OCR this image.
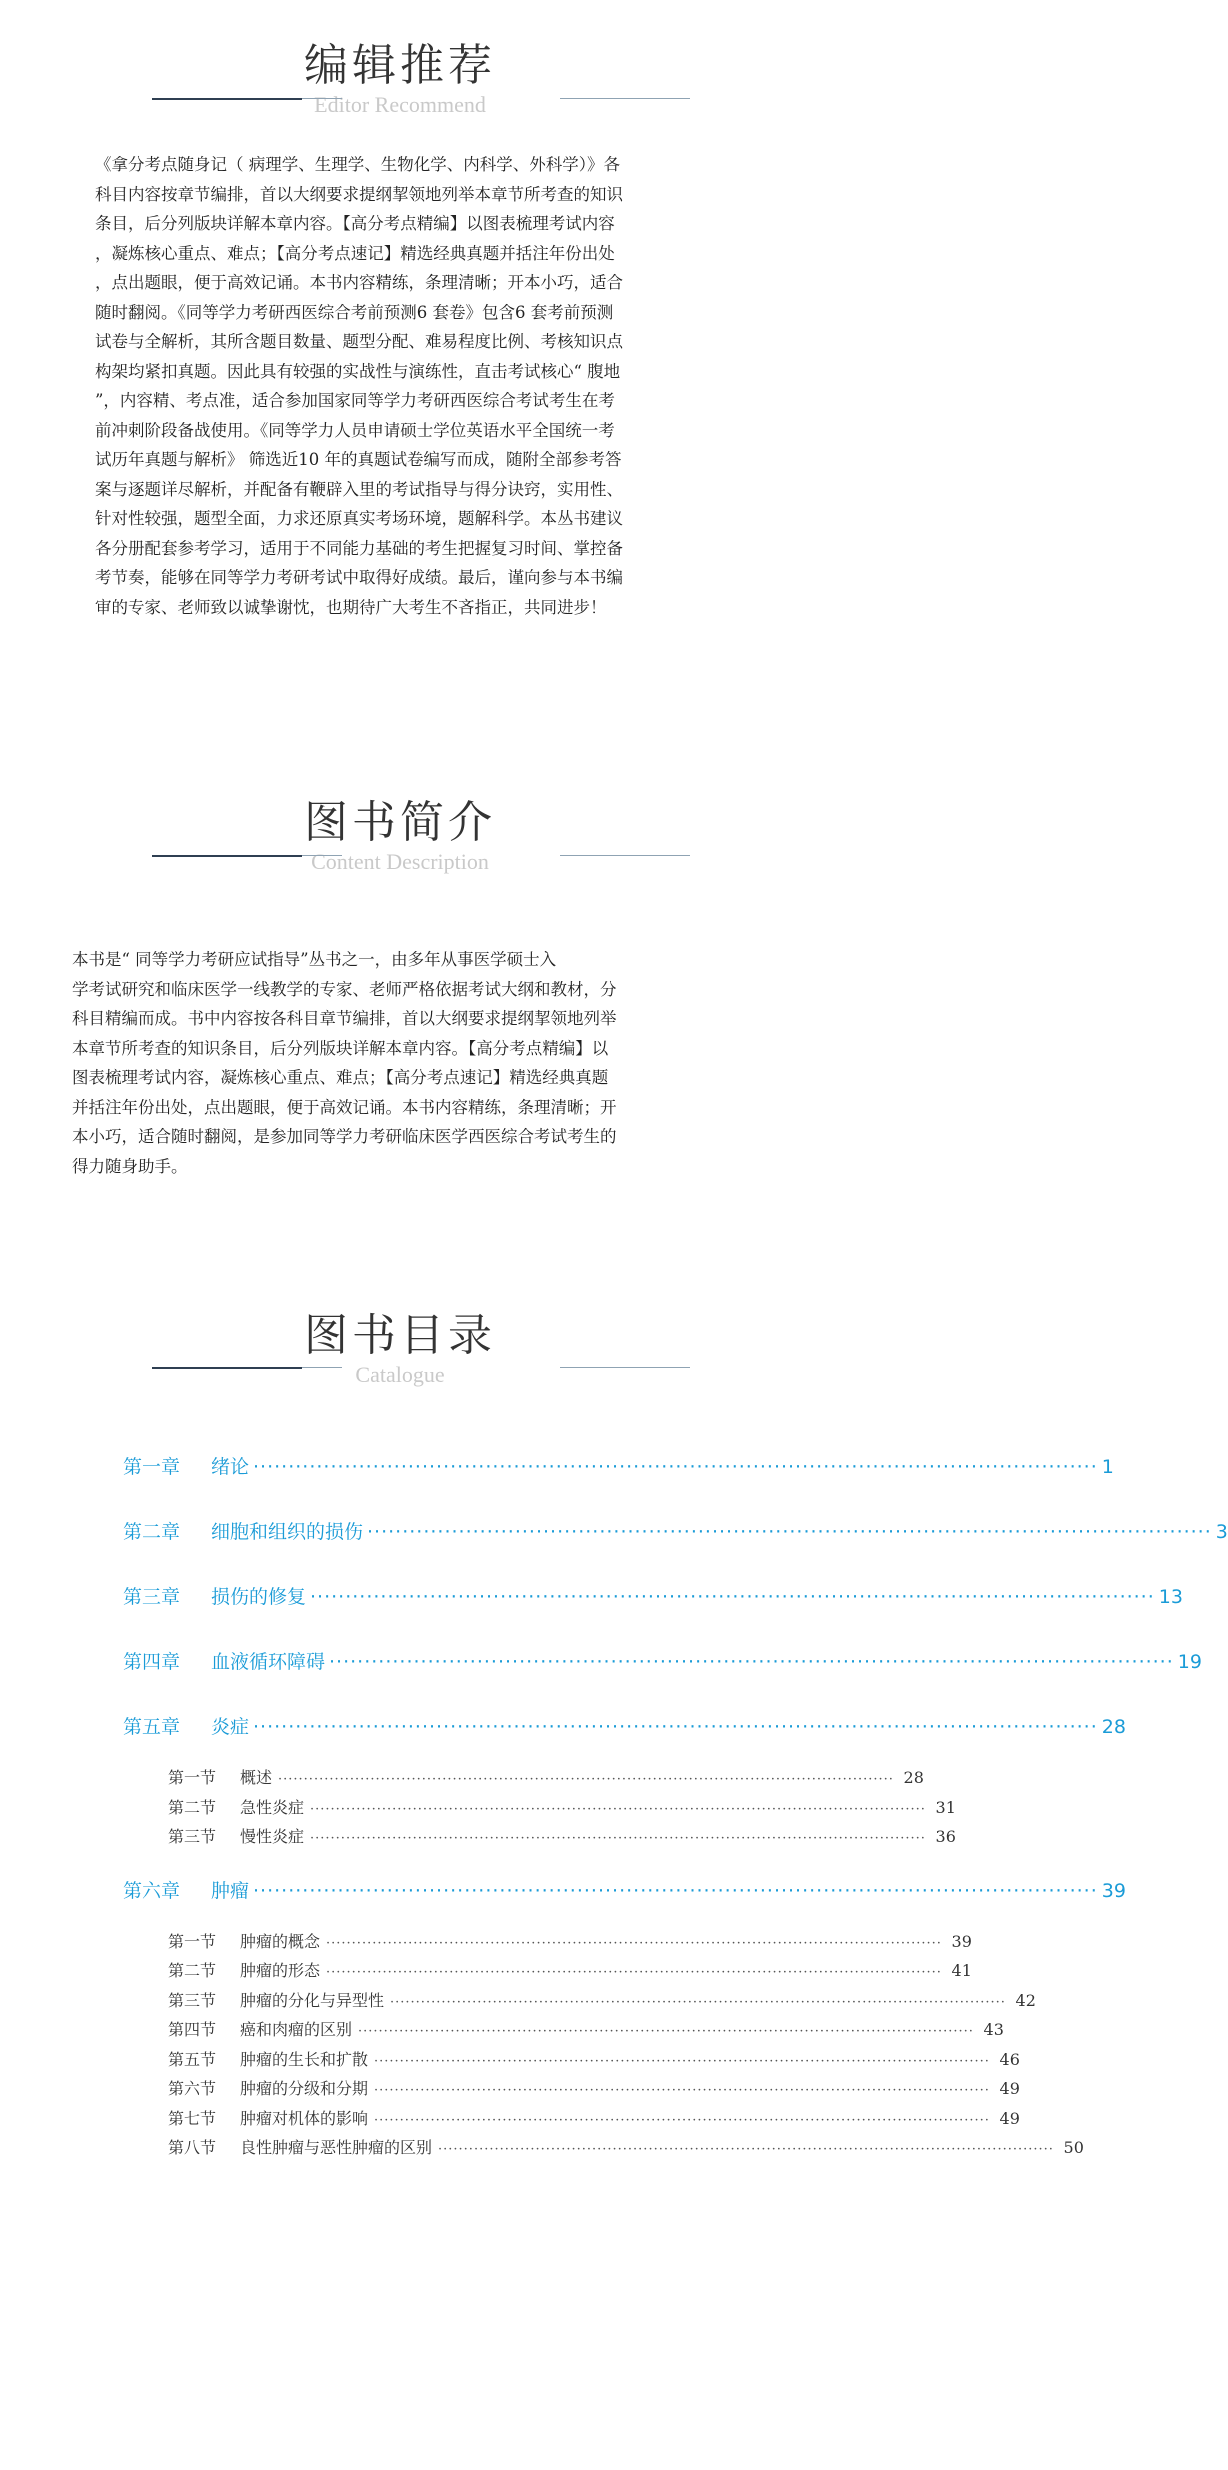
编辑推荐
Editor Recommend
《拿分考点随身记（ 病理学、生理学、生物化学、内科学、外科学）》各
科目内容按章节编排，首以大纲要求提纲挈领地列举本章节所考查的知识
条目，后分列版块详解本章内容。【高分考点精编】以图表梳理考试内容
，凝炼核心重点、难点；【高分考点速记】精选经典真题并括注年份出处
，点出题眼，便于高效记诵。本书内容精练，条理清晰；开本小巧，适合
随时翻阅。《同等学力考研西医综合考前预测6 套卷》包含6 套考前预测
试卷与全解析，其所含题目数量、题型分配、难易程度比例、考核知识点
构架均紧扣真题。因此具有较强的实战性与演练性，直击考试核心“ 腹地
”，内容精、考点准，适合参加国家同等学力考研西医综合考试考生在考
前冲刺阶段备战使用。《同等学力人员申请硕士学位英语水平全国统一考
试历年真题与解析》 筛选近10 年的真题试卷编写而成，随附全部参考答
案与逐题详尽解析，并配备有鞭辟入里的考试指导与得分诀窍，实用性、
针对性较强，题型全面，力求还原真实考场环境，题解科学。本丛书建议
各分册配套参考学习，适用于不同能力基础的考生把握复习时间、掌控备
考节奏，能够在同等学力考研考试中取得好成绩。最后，谨向参与本书编
审的专家、老师致以诚挚谢忱，也期待广大考生不吝指正，共同进步！
图书简介
Content Description
本书是“ 同等学力考研应试指导”丛书之一，由多年从事医学硕士入
学考试研究和临床医学一线教学的专家、老师严格依据考试大纲和教材，分
科目精编而成。书中内容按各科目章节编排，首以大纲要求提纲挈领地列举
本章节所考查的知识条目，后分列版块详解本章内容。【高分考点精编】以
图表梳理考试内容，凝炼核心重点、难点；【高分考点速记】精选经典真题
并括注年份出处，点出题眼，便于高效记诵。本书内容精练，条理清晰；开
本小巧，适合随时翻阅，是参加同等学力考研临床医学西医综合考试考生的
得力随身助手。
图书目录
Catalogue
第一章	绪论 ························································································································ 1
第二章	细胞和组织的损伤 ························································································································ 3
第三章	损伤的修复 ························································································································ 13
第四章	血液循环障碍 ························································································································ 19
第五章	炎症 ························································································································ 28
第一节	概述 ························································································································ 28
第二节	急性炎症 ························································································································ 31
第三节	慢性炎症 ························································································································ 36
第六章	肿瘤 ························································································································ 39
第一节	肿瘤的概念 ························································································································ 39
第二节	肿瘤的形态 ························································································································ 41
第三节	肿瘤的分化与异型性 ························································································································ 42
第四节	癌和肉瘤的区别 ························································································································ 43
第五节	肿瘤的生长和扩散 ························································································································ 46
第六节	肿瘤的分级和分期 ························································································································ 49
第七节	肿瘤对机体的影响 ························································································································ 49
第八节	良性肿瘤与恶性肿瘤的区别 ························································································································ 50
